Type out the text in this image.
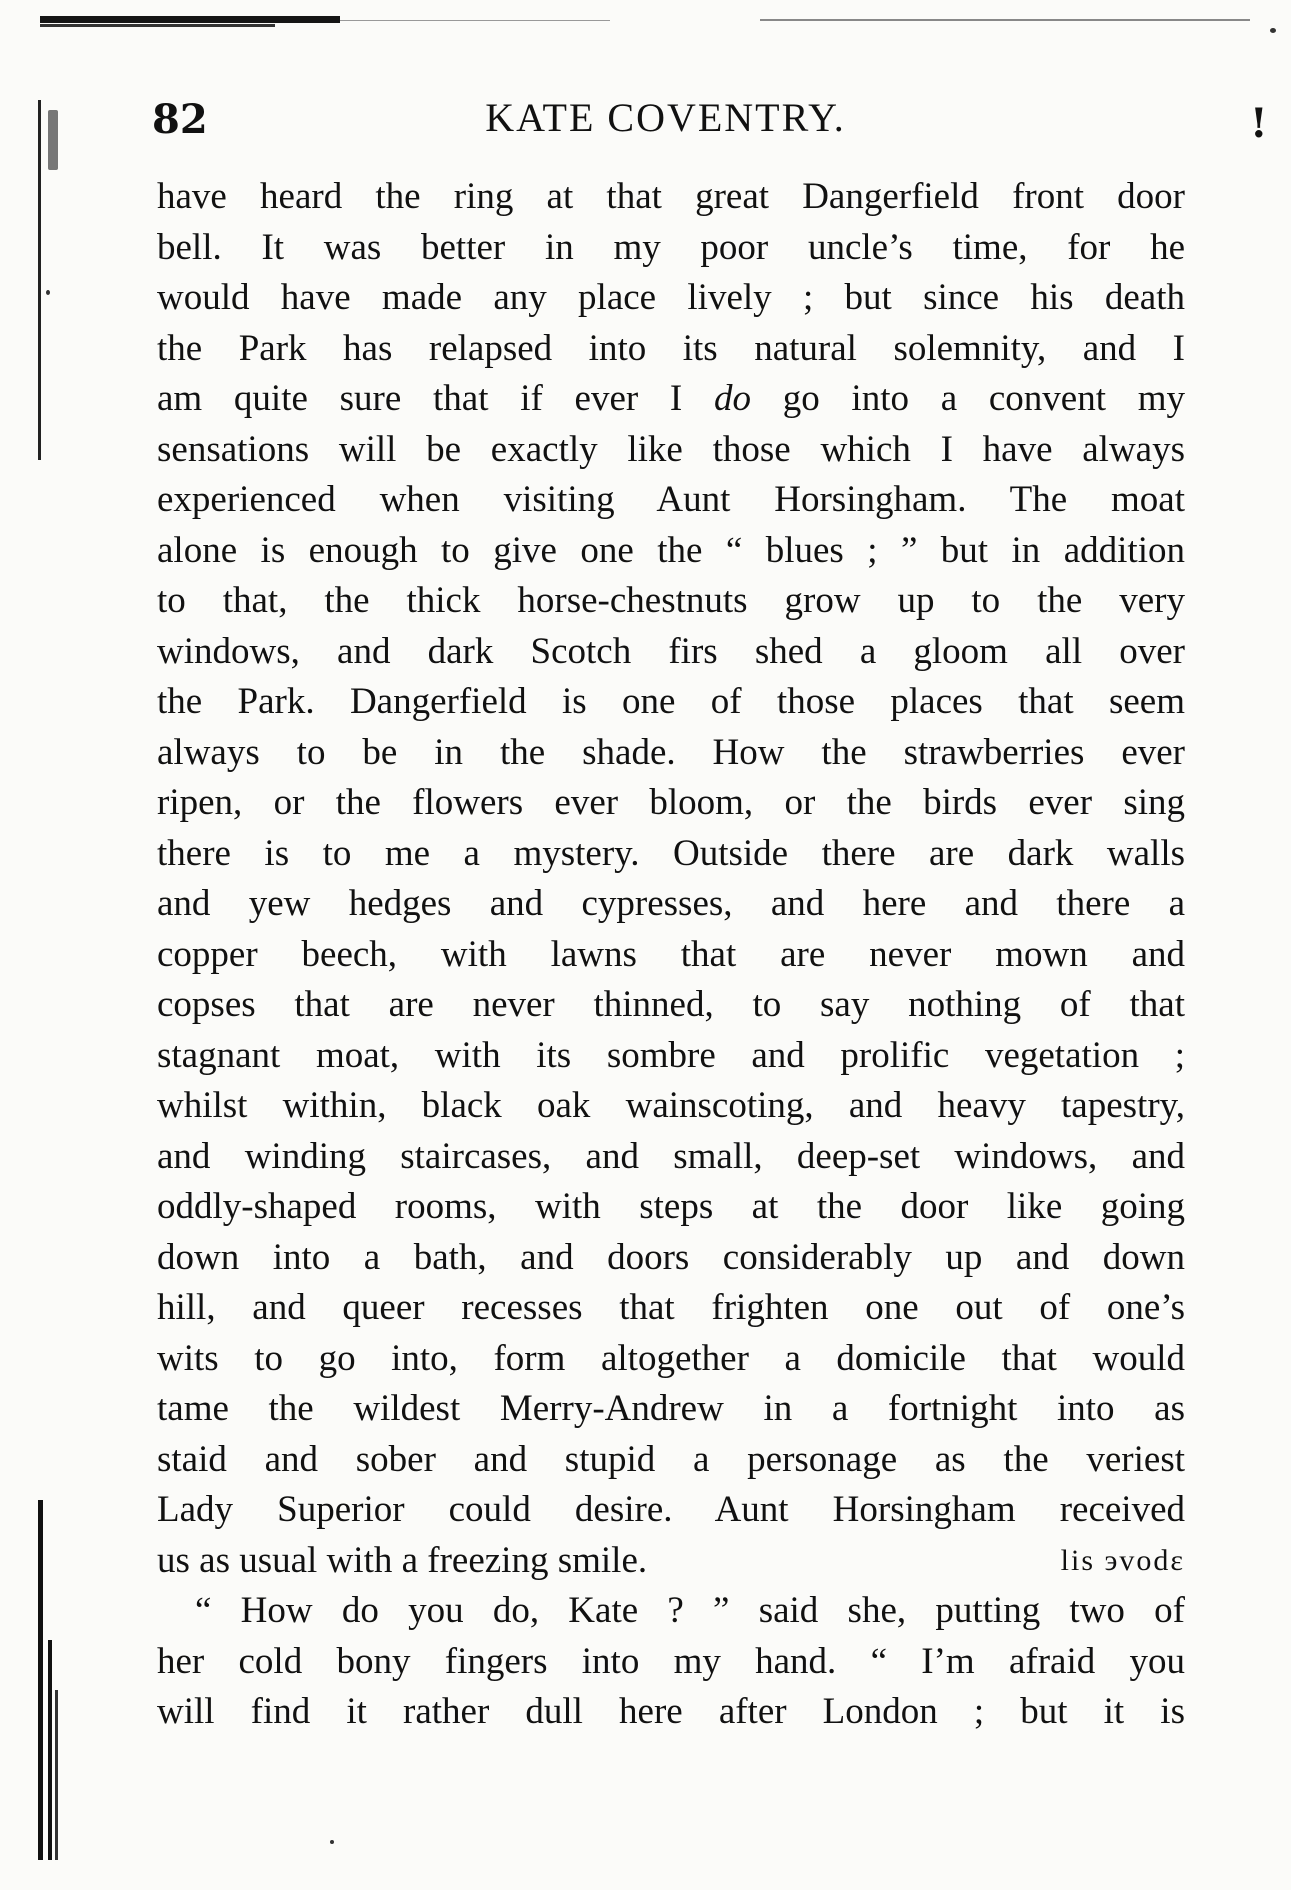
82	KATE COVENTRY.	!
have heard the ring at that great Dangerfield front door
bell. It was better in my poor uncle’s time, for he
would have made any place lively ; but since his death
the Park has relapsed into its natural solemnity, and I
am quite sure that if ever I do go into a convent my
sensations will be exactly like those which I have always
experienced when visiting Aunt Horsingham. The moat
alone is enough to give one the “ blues ; ” but in addition
to that, the thick horse-chestnuts grow up to the very
windows, and dark Scotch firs shed a gloom all over
the Park. Dangerfield is one of those places that seem
always to be in the shade. How the strawberries ever
ripen, or the flowers ever bloom, or the birds ever sing
there is to me a mystery. Outside there are dark walls
and yew hedges and cypresses, and here and there a
copper beech, with lawns that are never mown and
copses that are never thinned, to say nothing of that
stagnant moat, with its sombre and prolific vegetation ;
whilst within, black oak wainscoting, and heavy tapestry,
and winding staircases, and small, deep-set windows, and
oddly-shaped rooms, with steps at the door like going
down into a bath, and doors considerably up and down
hill, and queer recesses that frighten one out of one’s
wits to go into, form altogether a domicile that would
tame the wildest Merry-Andrew in a fortnight into as
staid and sober and stupid a personage as the veriest
Lady Superior could desire. Aunt Horsingham received
us as usual with a freezing smile.	lis эvodɛ
“ How do you do, Kate ? ” said she, putting two of
her cold bony fingers into my hand. “ I’m afraid you
will find it rather dull here after London ; but it is
